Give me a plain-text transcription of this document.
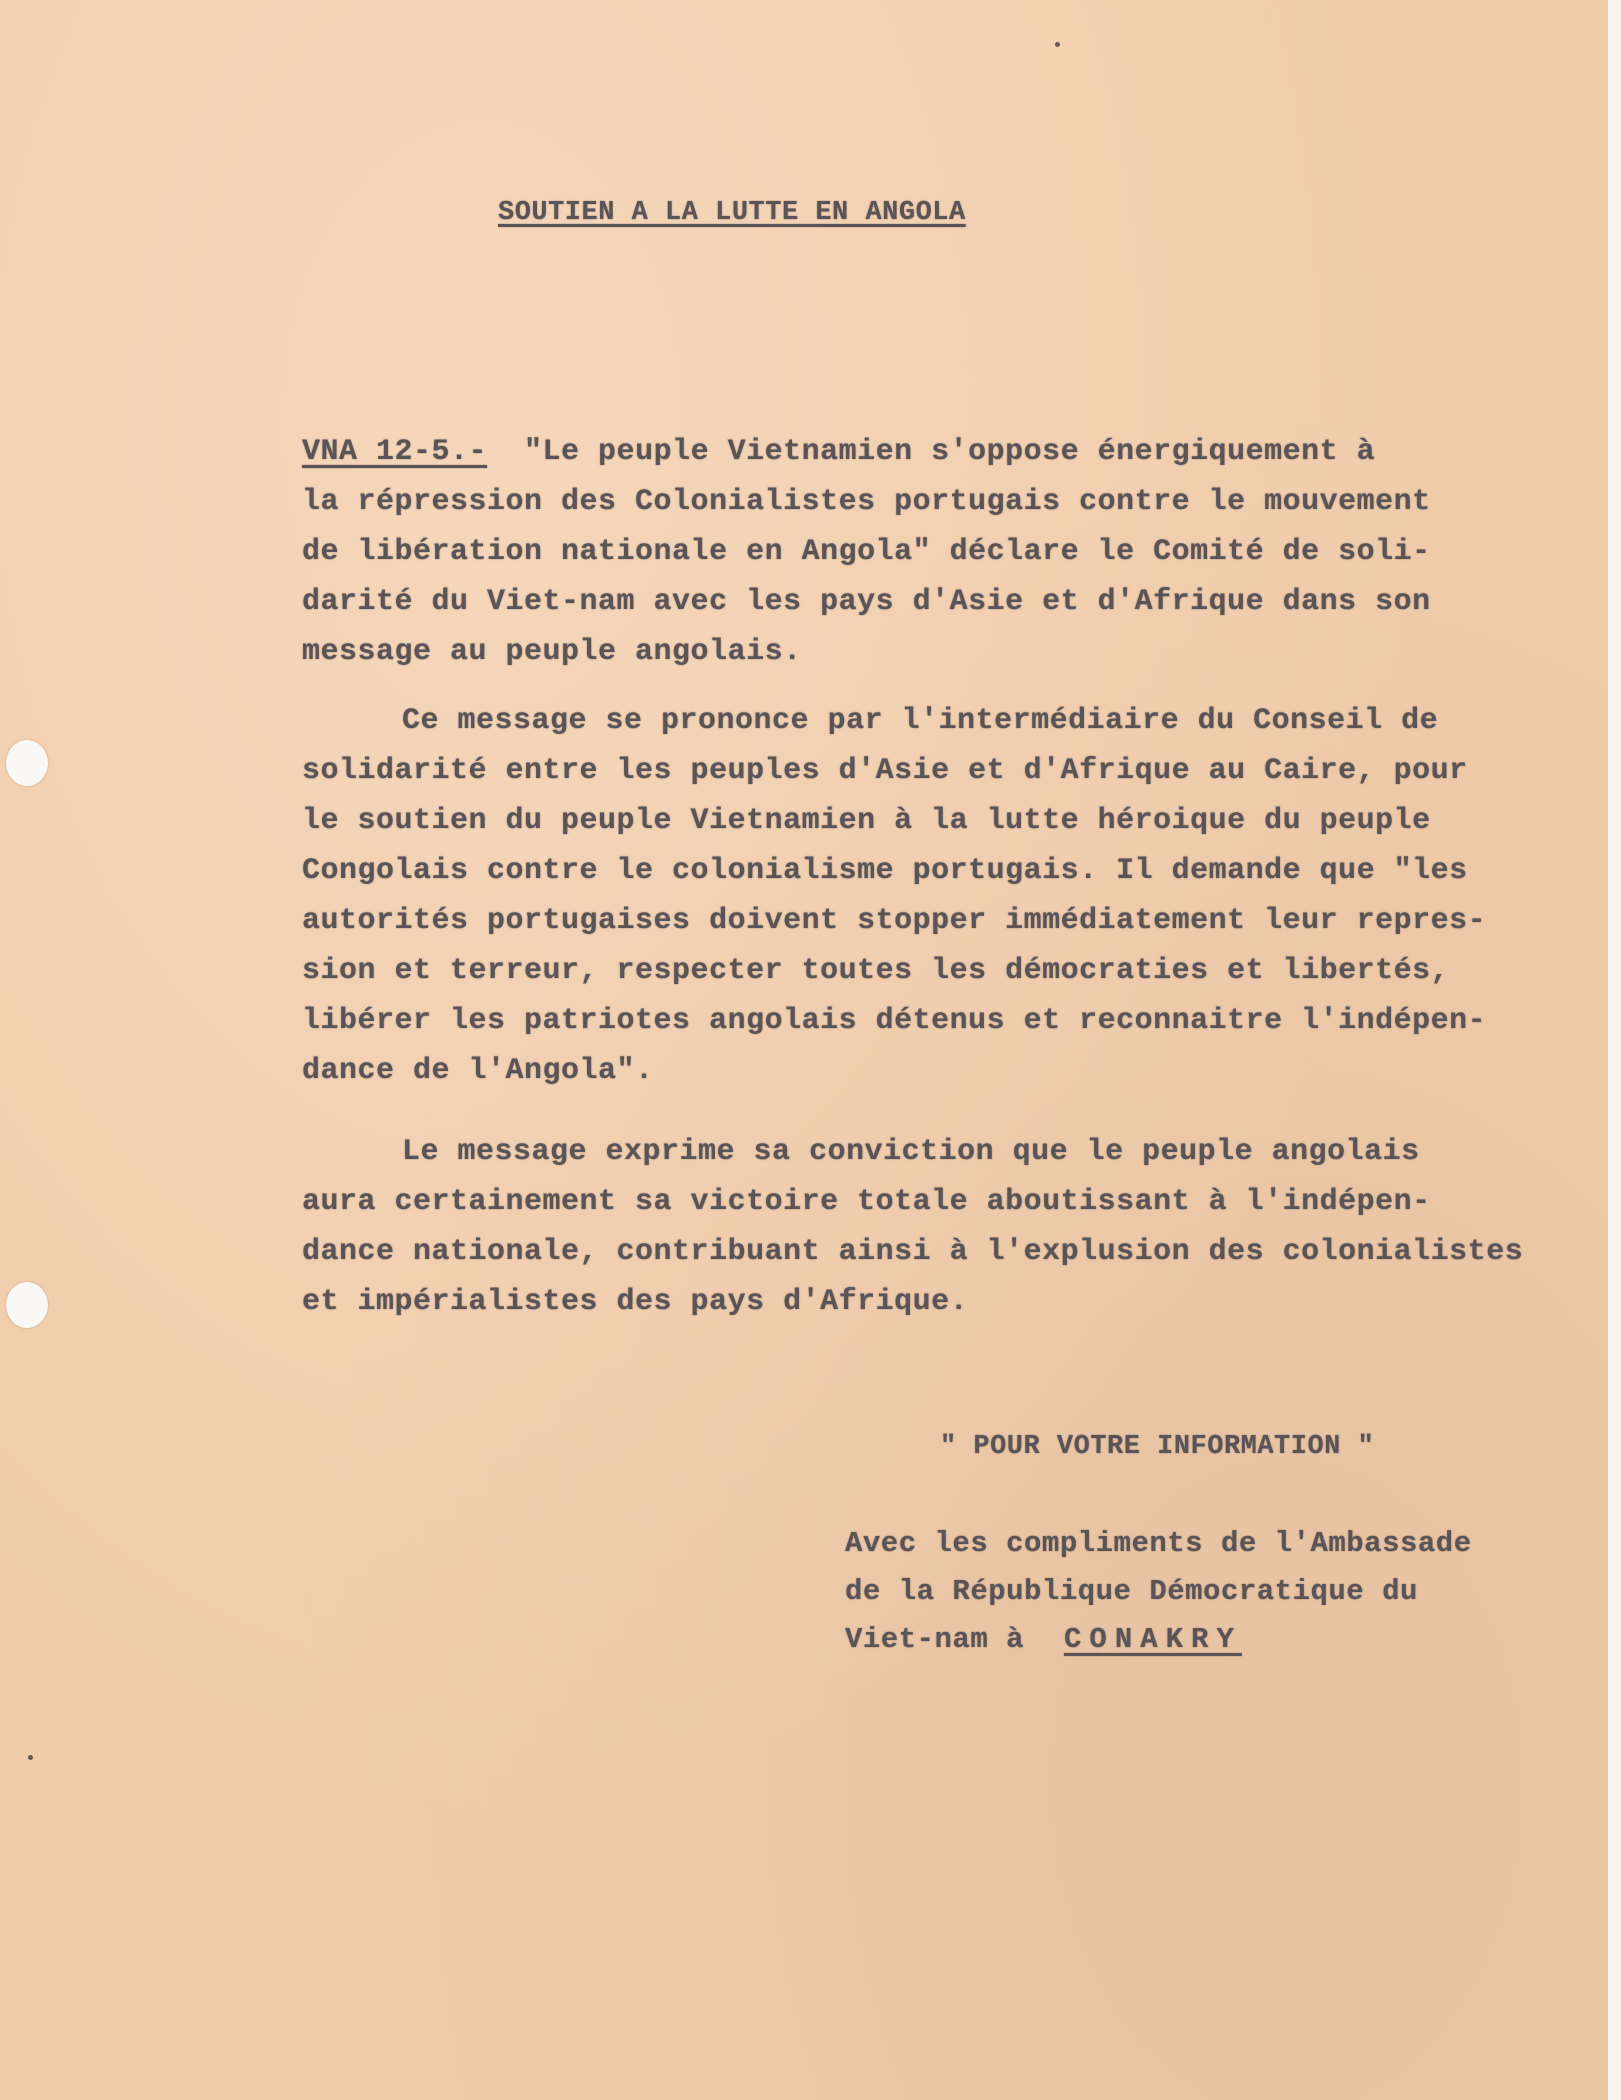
SOUTIEN A LA LUTTE EN ANGOLA
VNA 12-5.- "Le peuple Vietnamien s'oppose énergiquement à
la répression des Colonialistes portugais contre le mouvement
de libération nationale en Angola" déclare le Comité de soli-
darité du Viet-nam avec les pays d'Asie et d'Afrique dans son
message au peuple angolais.
Ce message se prononce par l'intermédiaire du Conseil de
solidarité entre les peuples d'Asie et d'Afrique au Caire, pour
le soutien du peuple Vietnamien à la lutte héroique du peuple
Congolais contre le colonialisme portugais. Il demande que "les
autorités portugaises doivent stopper immédiatement leur repres-
sion et terreur, respecter toutes les démocraties et libertés,
libérer les patriotes angolais détenus et reconnaitre l'indépen-
dance de l'Angola".
Le message exprime sa conviction que le peuple angolais
aura certainement sa victoire totale aboutissant à l'indépen-
dance nationale, contribuant ainsi à l'explusion des colonialistes
et impérialistes des pays d'Afrique.
" POUR VOTRE INFORMATION "
Avec les compliments de l'Ambassade
de la République Démocratique du
Viet-nam à CONAKRY
